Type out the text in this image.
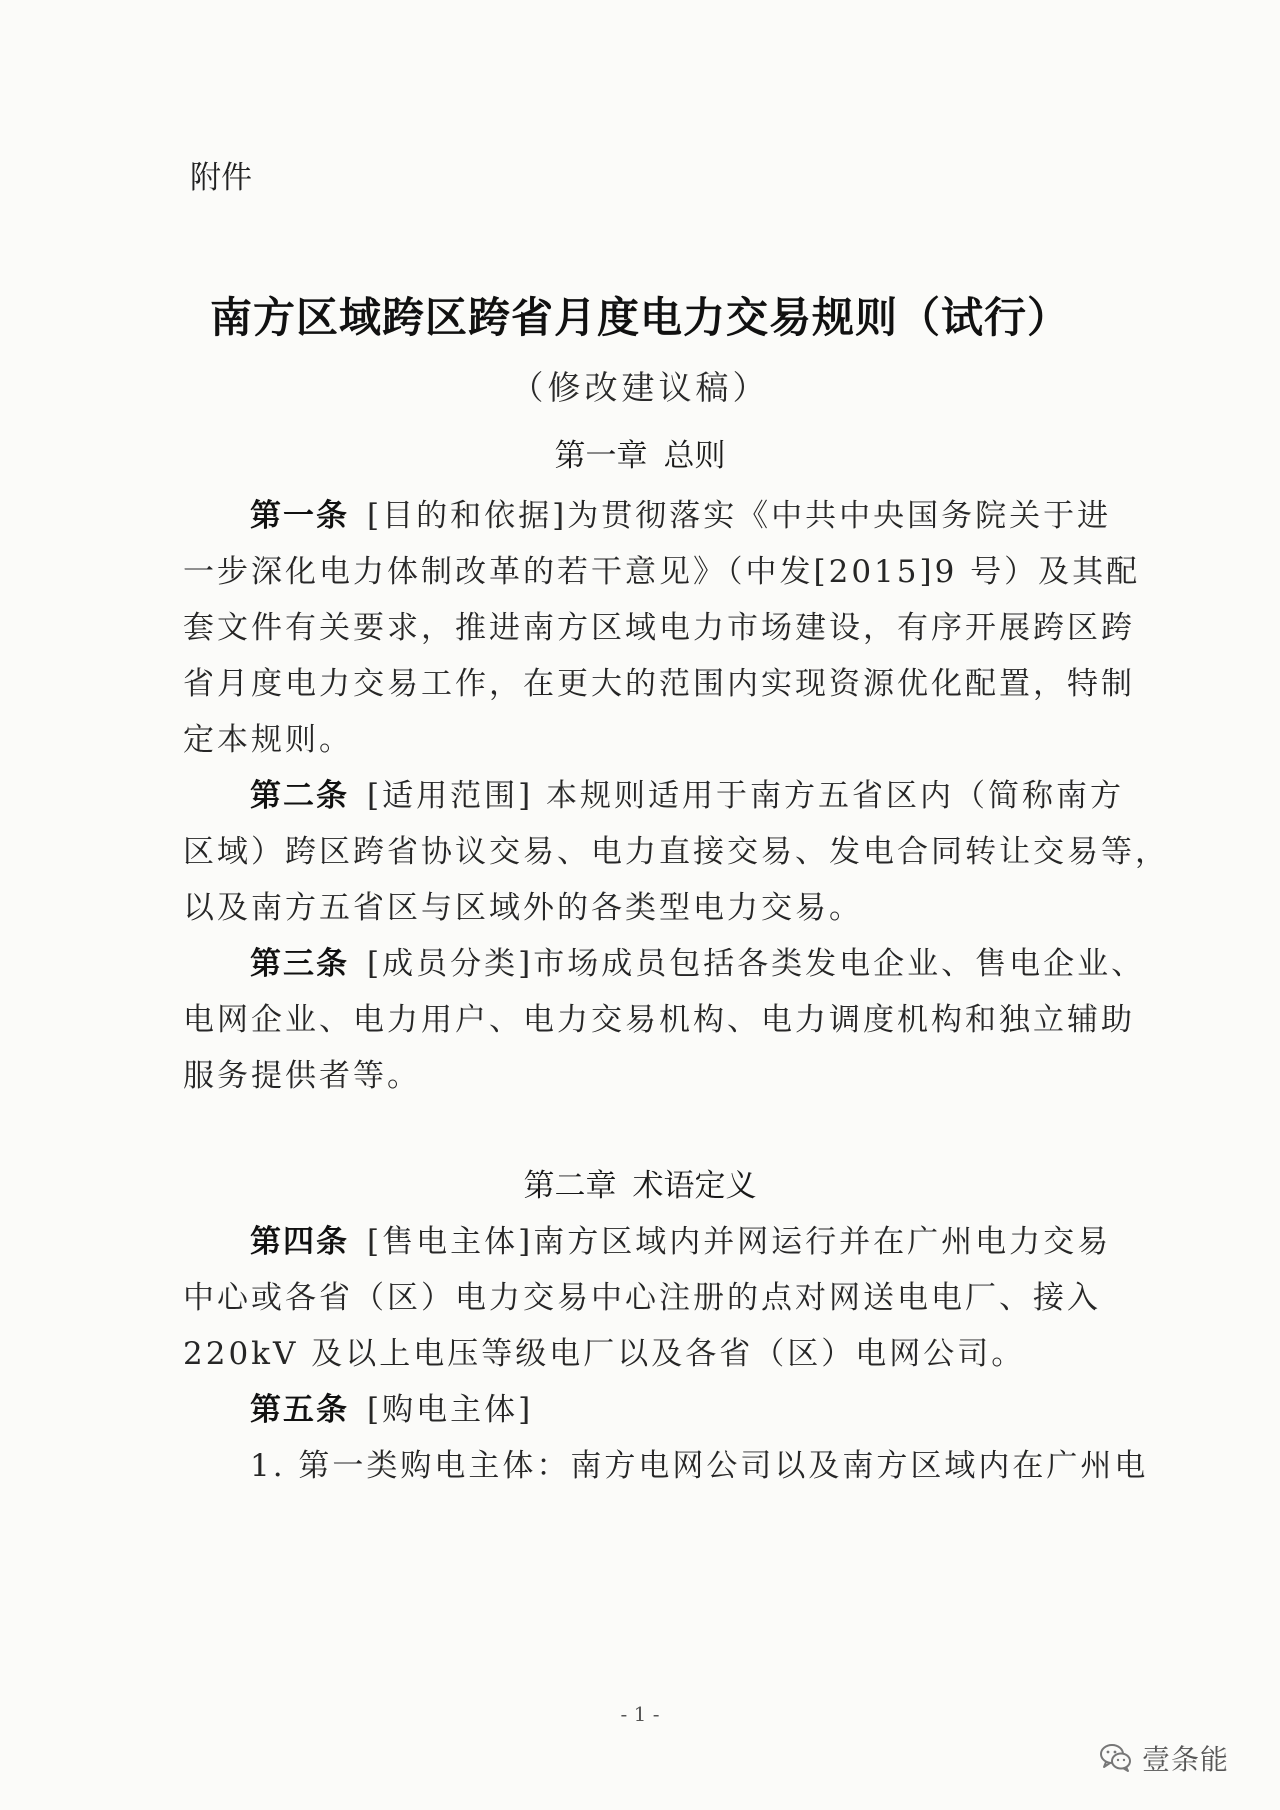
附件
南方区域跨区跨省月度电力交易规则（试行）
（修改建议稿）
第一章 总则
第一条 [目的和依据]为贯彻落实《中共中央国务院关于进
一步深化电力体制改革的若干意见》（中发[2015]9 号）及其配
套文件有关要求，推进南方区域电力市场建设，有序开展跨区跨
省月度电力交易工作，在更大的范围内实现资源优化配置，特制
定本规则。
第二条 [适用范围] 本规则适用于南方五省区内（简称南方
区域）跨区跨省协议交易、电力直接交易、发电合同转让交易等，
以及南方五省区与区域外的各类型电力交易。
第三条 [成员分类]市场成员包括各类发电企业、售电企业、
电网企业、电力用户、电力交易机构、电力调度机构和独立辅助
服务提供者等。
第二章 术语定义
第四条 [售电主体]南方区域内并网运行并在广州电力交易
中心或各省（区）电力交易中心注册的点对网送电电厂、接入
220kV 及以上电压等级电厂以及各省（区）电网公司。
第五条 [购电主体]
1. 第一类购电主体：南方电网公司以及南方区域内在广州电
- 1 -
壹条能
